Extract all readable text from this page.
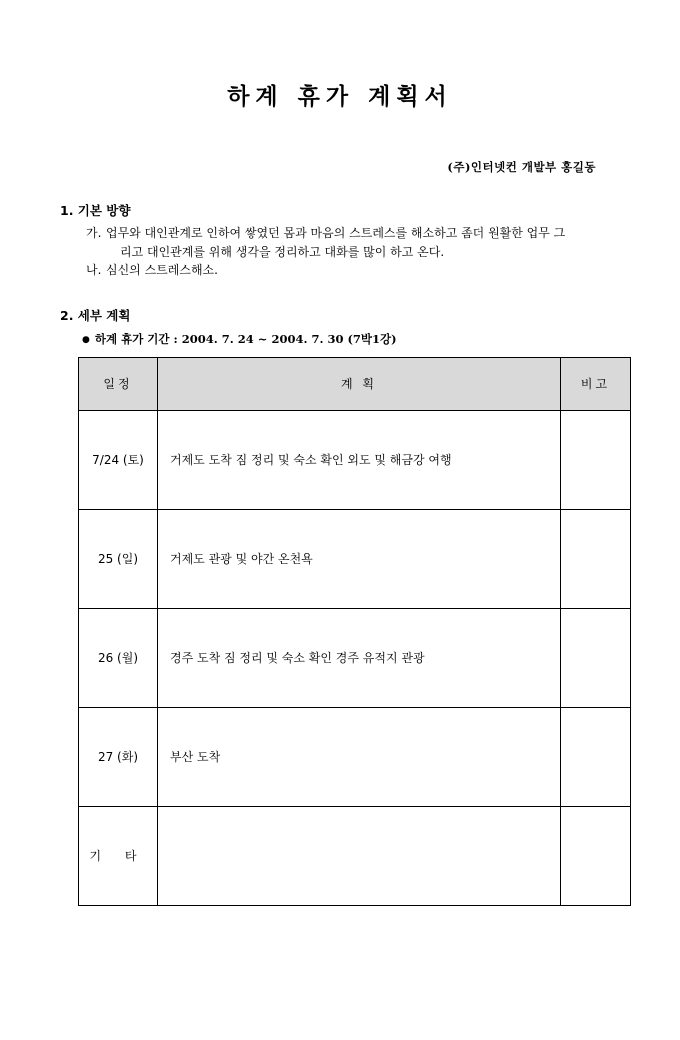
하계 휴가 계획서
(주)인터넷컨 개발부 홍길동
1. 기본 방향
가. 업무와 대인관계로 인하여 쌓였던 몸과 마음의 스트레스를 해소하고 좀더 원활한 업무 그
리고 대인관계를 위해 생각을 정리하고 대화를 많이 하고 온다.
나. 심신의 스트레스해소.
2. 세부 계획
● 하계 휴가 기간 : 2004. 7. 24 ~ 2004. 7. 30 (7박1강)
일정	계 획	비고
7/24 (토)	거제도 도착 짐 정리 및 숙소 확인 외도 및 해금강 여행	
25 (일)	거제도 관광 및 야간 온천욕	
26 (월)	경주 도착 짐 정리 및 숙소 확인 경주 유적지 관광	
27 (화)	부산 도착	
기 타		
